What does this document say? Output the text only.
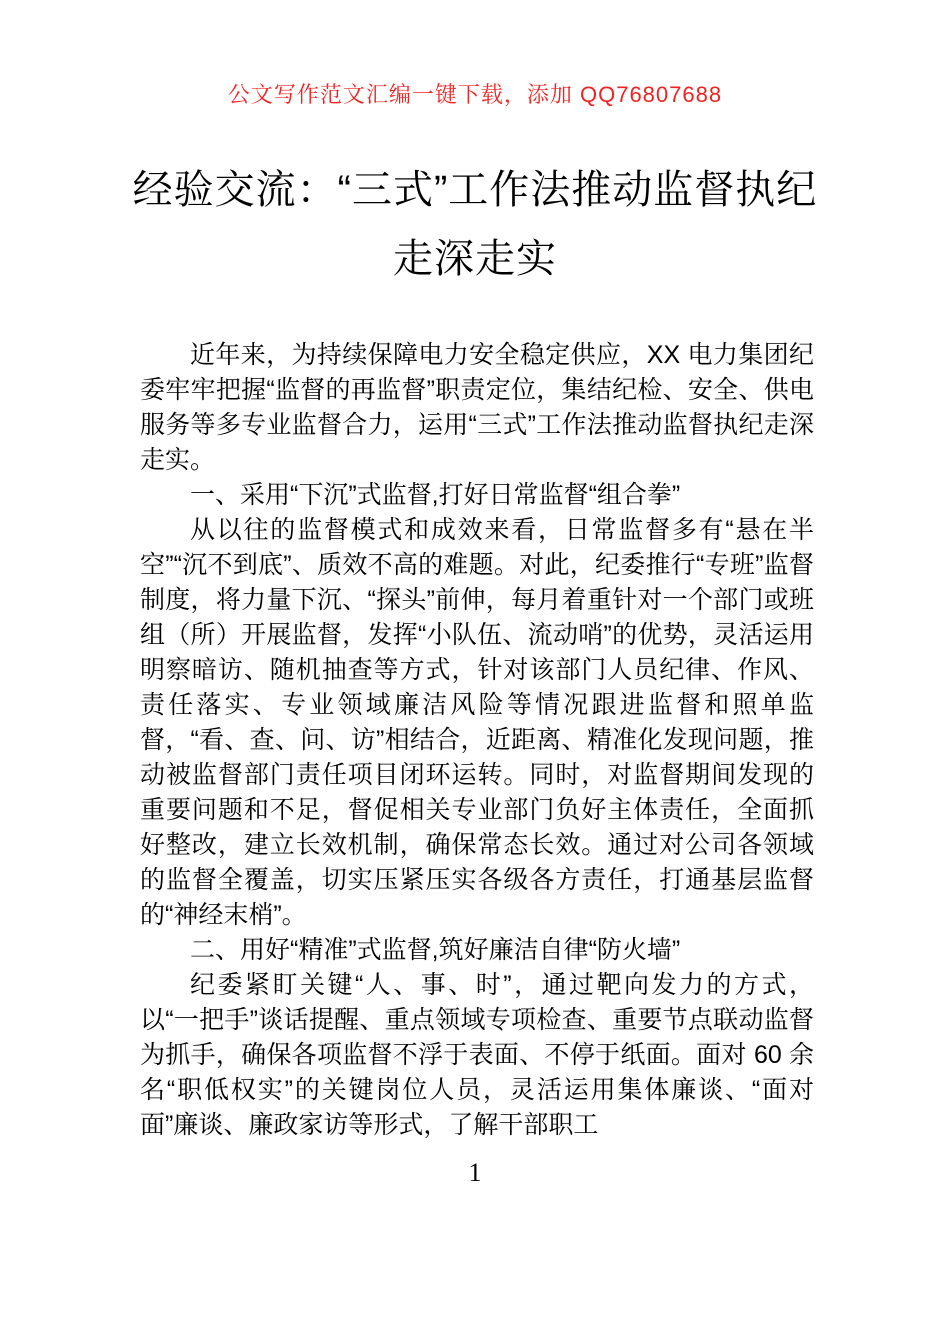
公文写作范文汇编一键下载，添加 QQ76807688
经验交流：“三式”工作法推动监督执纪
走深走实

近年来，为持续保障电力安全稳定供应，XX 电力集团纪委牢牢把握“监督的再监督”职责定位，集结纪检、安全、供电服务等多专业监督合力，运用“三式”工作法推动监督执纪走深走实。

一、采用“下沉”式监督,打好日常监督“组合拳”

从以往的监督模式和成效来看，日常监督多有“悬在半空”“沉不到底”、质效不高的难题。对此，纪委推行“专班”监督制度，将力量下沉、“探头”前伸，每月着重针对一个部门或班组（所）开展监督，发挥“小队伍、流动哨”的优势，灵活运用明察暗访、随机抽查等方式，针对该部门人员纪律、作风、责任落实、专业领域廉洁风险等情况跟进监督和照单监督，“看、查、问、访”相结合，近距离、精准化发现问题，推动被监督部门责任项目闭环运转。同时，对监督期间发现的重要问题和不足，督促相关专业部门负好主体责任，全面抓好整改，建立长效机制，确保常态长效。通过对公司各领域的监督全覆盖，切实压紧压实各级各方责任，打通基层监督的“神经末梢”。

二、用好“精准”式监督,筑好廉洁自律“防火墙”

纪委紧盯关键“人、事、时”，通过靶向发力的方式，以“一把手”谈话提醒、重点领域专项检查、重要节点联动监督为抓手，确保各项监督不浮于表面、不停于纸面。面对 60 余名“职低权实”的关键岗位人员，灵活运用集体廉谈、“面对面”廉谈、廉政家访等形式，了解干部职工

1
